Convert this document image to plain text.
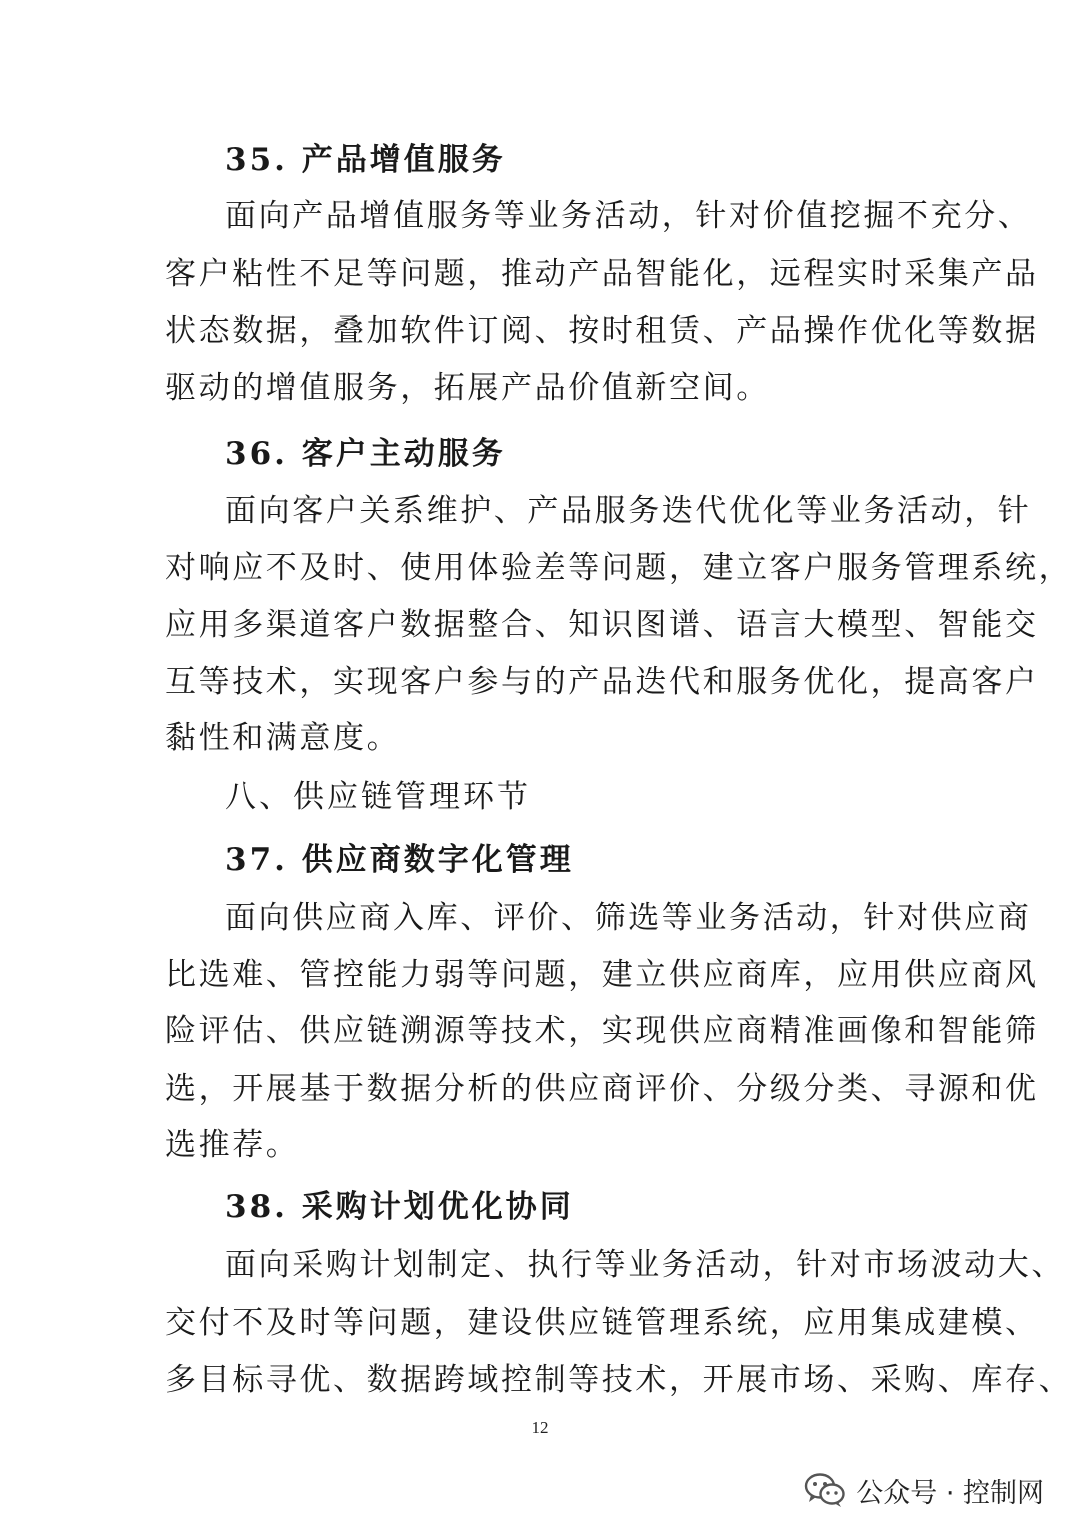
35. 产品增值服务
面向产品增值服务等业务活动，针对价值挖掘不充分、
客户粘性不足等问题，推动产品智能化，远程实时采集产品
状态数据，叠加软件订阅、按时租赁、产品操作优化等数据
驱动的增值服务，拓展产品价值新空间。
36. 客户主动服务
面向客户关系维护、产品服务迭代优化等业务活动，针
对响应不及时、使用体验差等问题，建立客户服务管理系统，
应用多渠道客户数据整合、知识图谱、语言大模型、智能交
互等技术，实现客户参与的产品迭代和服务优化，提高客户
黏性和满意度。
八、供应链管理环节
37. 供应商数字化管理
面向供应商入库、评价、筛选等业务活动，针对供应商
比选难、管控能力弱等问题，建立供应商库，应用供应商风
险评估、供应链溯源等技术，实现供应商精准画像和智能筛
选，开展基于数据分析的供应商评价、分级分类、寻源和优
选推荐。
38. 采购计划优化协同
面向采购计划制定、执行等业务活动，针对市场波动大、
交付不及时等问题，建设供应链管理系统，应用集成建模、
多目标寻优、数据跨域控制等技术，开展市场、采购、库存、
12
公众号 · 控制网
